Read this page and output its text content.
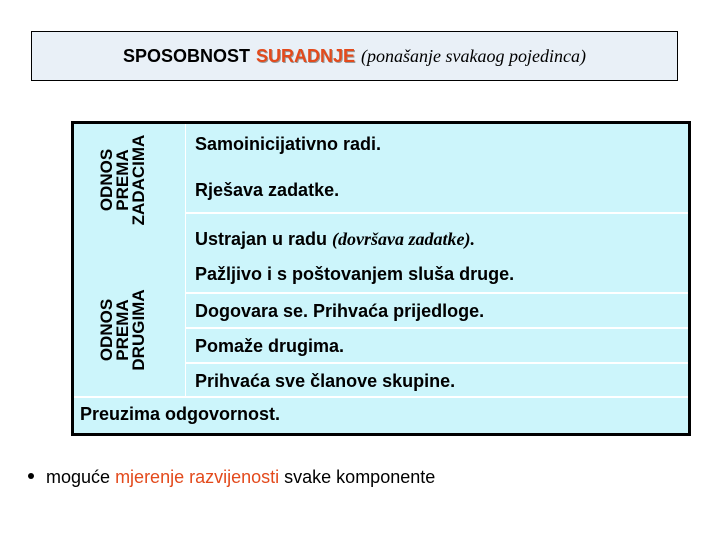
SPOSOBNOST SURADNJE (ponašanje svakaog pojedinca)
ODNOS
PREMA
ZADACIMA
ODNOS
PREMA
DRUGIMA
Samoinicijativno radi.
Rješava zadatke.
Ustrajan u radu (dovršava zadatke).
Pažljivo i s poštovanjem sluša druge.
Dogovara se. Prihvaća prijedloge.
Pomaže drugima.
Prihvaća sve članove skupine.
Preuzima odgovornost.
moguće mjerenje razvijenosti svake komponente
